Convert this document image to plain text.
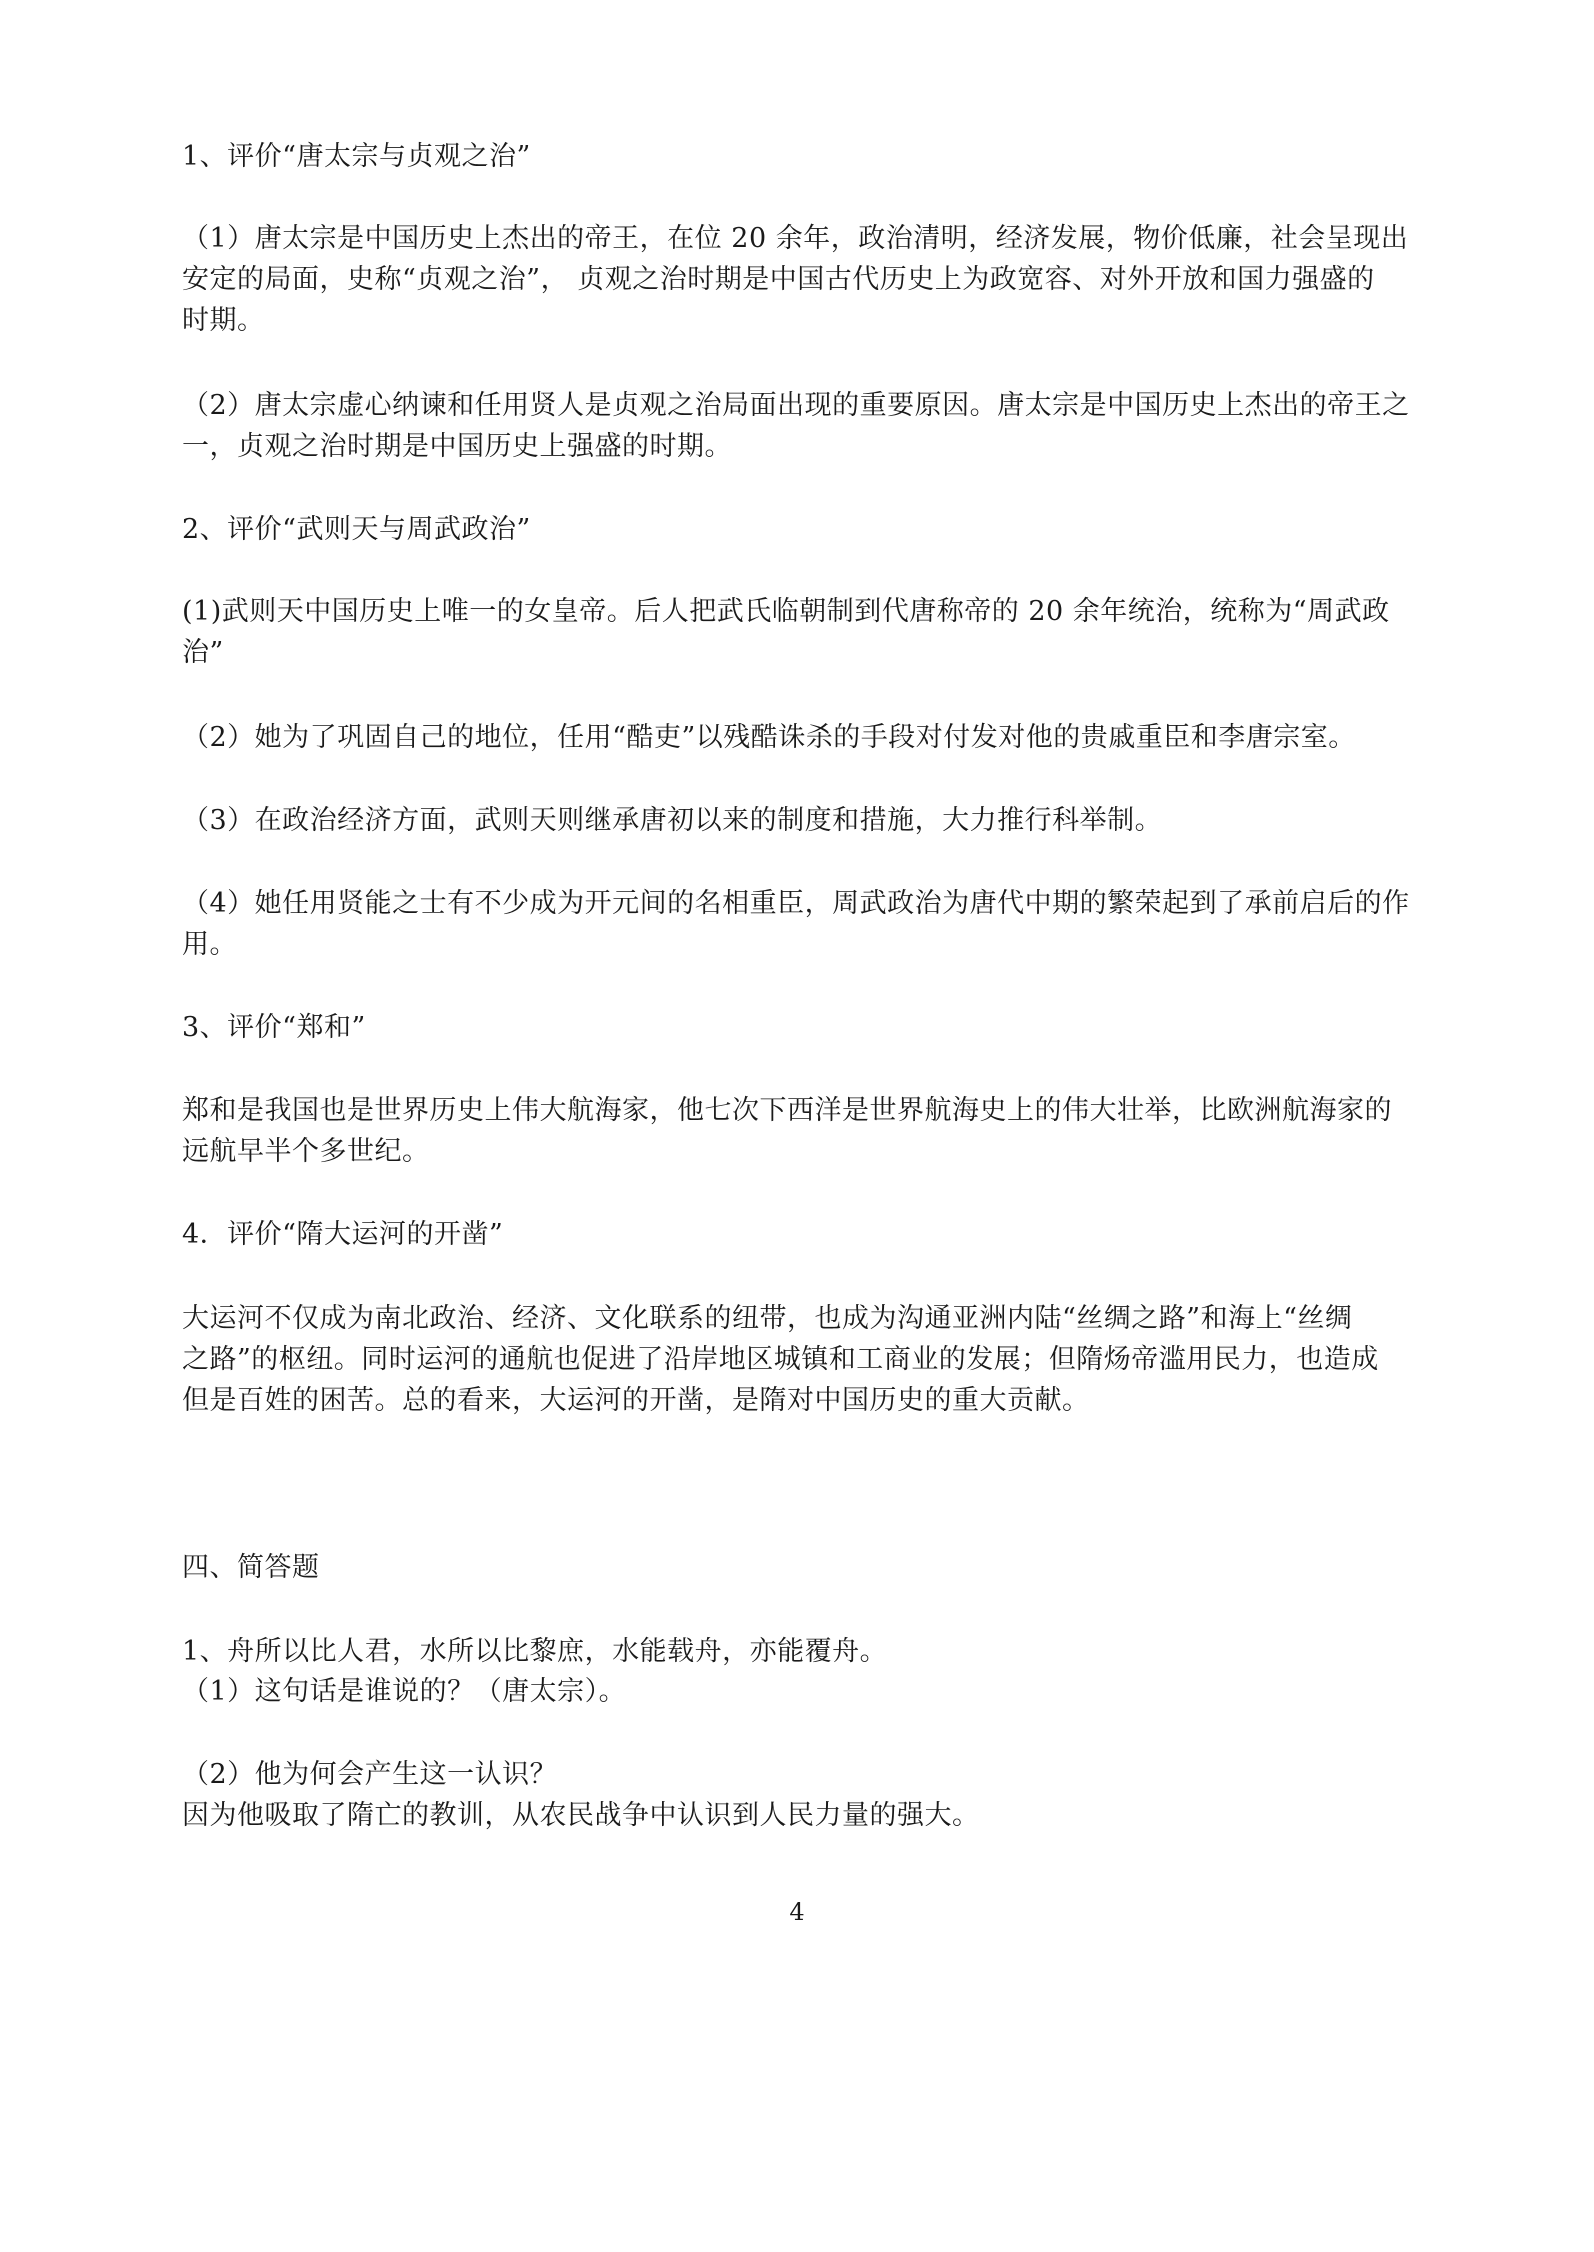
1、评价“唐太宗与贞观之治”
（1）唐太宗是中国历史上杰出的帝王，在位 20 余年，政治清明，经济发展，物价低廉，社会呈现出
安定的局面，史称“贞观之治”， 贞观之治时期是中国古代历史上为政宽容、对外开放和国力强盛的
时期。
（2）唐太宗虚心纳谏和任用贤人是贞观之治局面出现的重要原因。唐太宗是中国历史上杰出的帝王之
一，贞观之治时期是中国历史上强盛的时期。
2、评价“武则天与周武政治”
(1)武则天中国历史上唯一的女皇帝。后人把武氏临朝制到代唐称帝的 20 余年统治，统称为“周武政
治”
（2）她为了巩固自己的地位，任用“酷吏”以残酷诛杀的手段对付发对他的贵戚重臣和李唐宗室。
（3）在政治经济方面，武则天则继承唐初以来的制度和措施，大力推行科举制。
（4）她任用贤能之士有不少成为开元间的名相重臣，周武政治为唐代中期的繁荣起到了承前启后的作
用。
3、评价“郑和”
郑和是我国也是世界历史上伟大航海家，他七次下西洋是世界航海史上的伟大壮举，比欧洲航海家的
远航早半个多世纪。
4．评价“隋大运河的开凿”
大运河不仅成为南北政治、经济、文化联系的纽带，也成为沟通亚洲内陆“丝绸之路”和海上“丝绸
之路”的枢纽。同时运河的通航也促进了沿岸地区城镇和工商业的发展；但隋炀帝滥用民力，也造成
但是百姓的困苦。总的看来，大运河的开凿，是隋对中国历史的重大贡献。
四、简答题
1、舟所以比人君，水所以比黎庶，水能载舟，亦能覆舟。
（1）这句话是谁说的？（唐太宗）。
（2）他为何会产生这一认识？
因为他吸取了隋亡的教训，从农民战争中认识到人民力量的强大。
4
